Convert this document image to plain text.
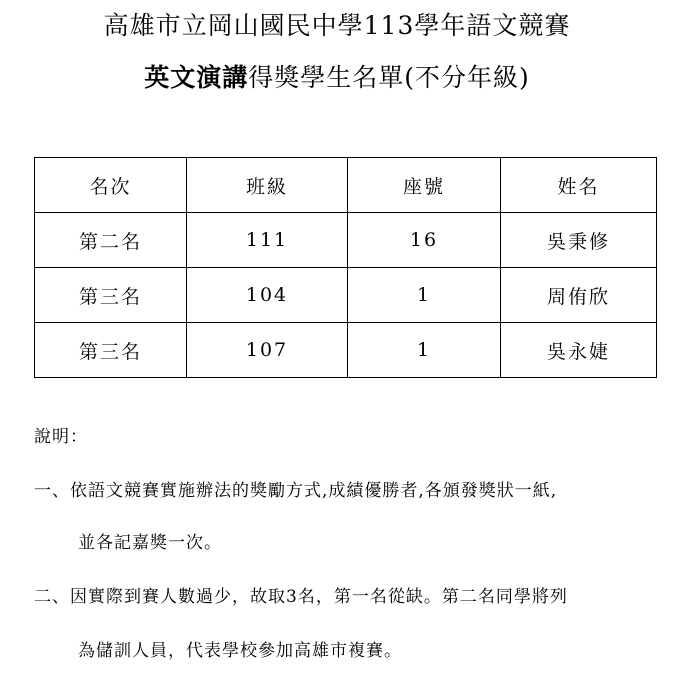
高雄市立岡山國民中學113學年語文競賽
英文演講得獎學生名單(不分年級)
名次	班級	座號	姓名
第二名	111	16	吳秉修
第三名	104	1	周侑欣
第三名	107	1	吳永婕
說明：
一、依語文競賽實施辦法的獎勵方式,成績優勝者,各頒發獎狀一紙,
並各記嘉獎一次。
二、因實際到賽人數過少，故取3名，第一名從缺。第二名同學將列
為儲訓人員，代表學校參加高雄市複賽。
